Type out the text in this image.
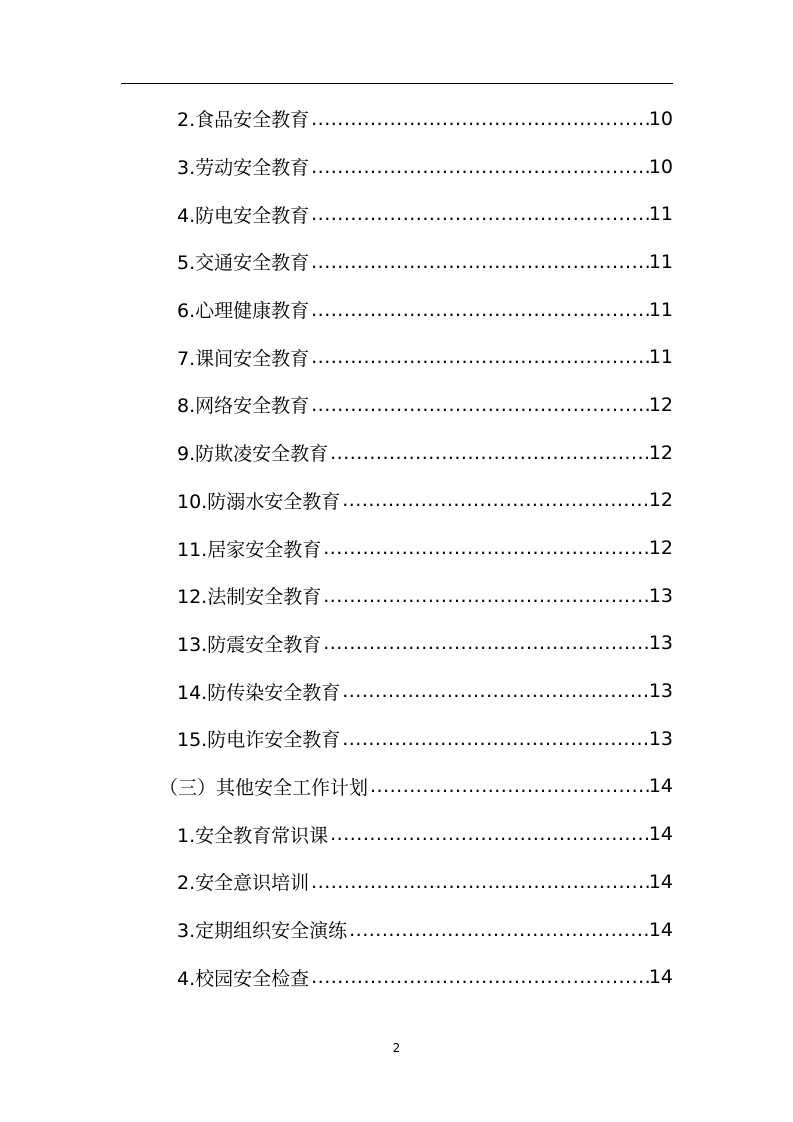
2.食品安全教育 .....	10
3.劳动安全教育 .....	10
4.防电安全教育 .....	11
5.交通安全教育 .....	11
6.心理健康教育 .....	11
7.课间安全教育 .....	11
8.网络安全教育 .....	12
9.防欺凌安全教育 .....	12
10.防溺水安全教育 .....	12
11.居家安全教育 .....	12
12.法制安全教育 .....	13
13.防震安全教育 .....	13
14.防传染安全教育 .....	13
15.防电诈安全教育 .....	13
（三）其他安全工作计划 .....	14
1.安全教育常识课 .....	14
2.安全意识培训 .....	14
3.定期组织安全演练 .....	14
4.校园安全检查 .....	14
2
